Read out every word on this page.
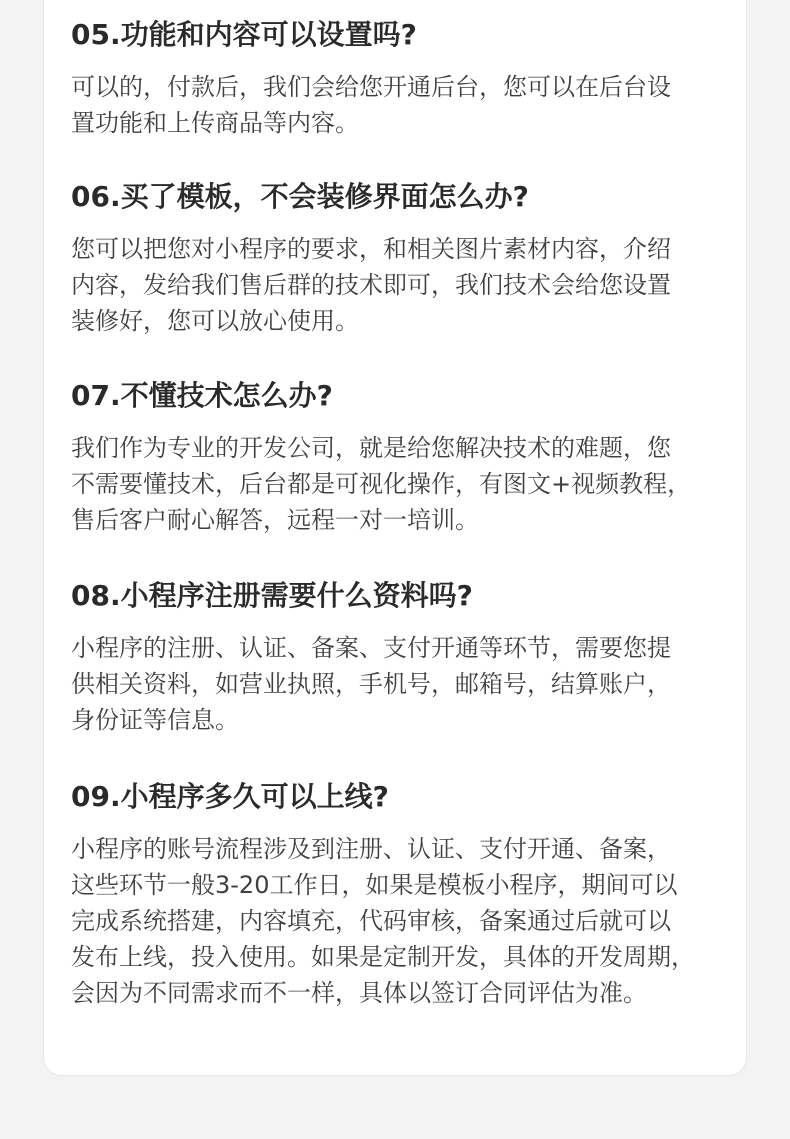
05.功能和内容可以设置吗?

可以的，付款后，我们会给您开通后台，您可以在后台设
置功能和上传商品等内容。

06.买了模板，不会装修界面怎么办?

您可以把您对小程序的要求，和相关图片素材内容，介绍
内容，发给我们售后群的技术即可，我们技术会给您设置
装修好，您可以放心使用。

07.不懂技术怎么办?

我们作为专业的开发公司，就是给您解决技术的难题，您
不需要懂技术，后台都是可视化操作，有图文+视频教程，
售后客户耐心解答，远程一对一培训。

08.小程序注册需要什么资料吗?

小程序的注册、认证、备案、支付开通等环节，需要您提
供相关资料，如营业执照，手机号，邮箱号，结算账户，
身份证等信息。

09.小程序多久可以上线?

小程序的账号流程涉及到注册、认证、支付开通、备案，
这些环节一般3-20工作日，如果是模板小程序，期间可以
完成系统搭建，内容填充，代码审核，备案通过后就可以
发布上线，投入使用。如果是定制开发，具体的开发周期，
会因为不同需求而不一样，具体以签订合同评估为准。
